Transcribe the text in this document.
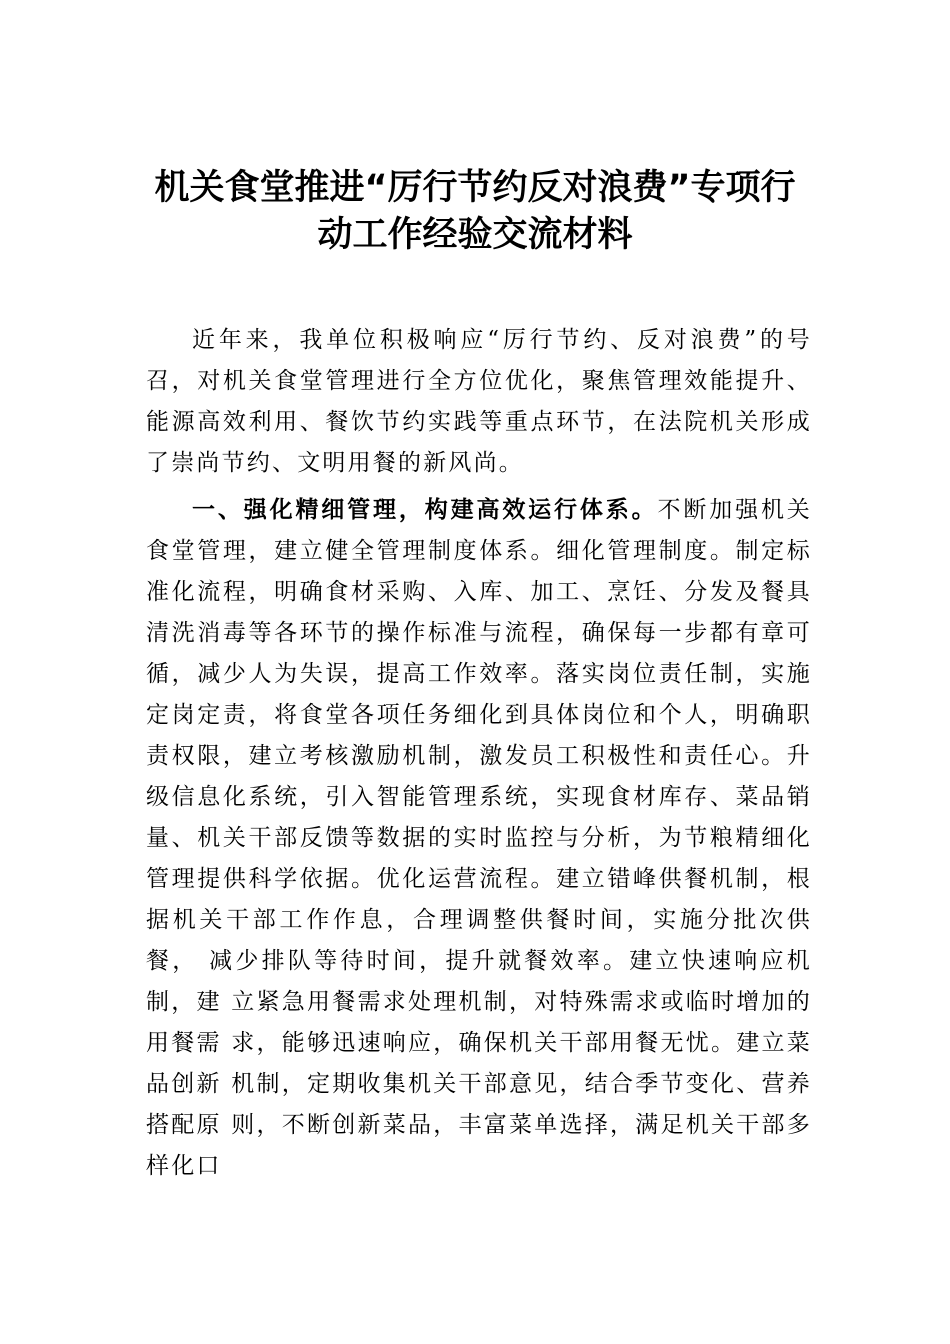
机关食堂推进“厉行节约反对浪费”专项行
动工作经验交流材料

近年来，我单位积极响应“厉行节约、反对浪费”的号召，对机关食堂管理进行全方位优化，聚焦管理效能提升、能源高效利用、餐饮节约实践等重点环节，在法院机关形成了崇尚节约、文明用餐的新风尚。

一、强化精细管理，构建高效运行体系。不断加强机关食堂管理，建立健全管理制度体系。细化管理制度。制定标准化流程，明确食材采购、入库、加工、烹饪、分发及餐具清洗消毒等各环节的操作标准与流程，确保每一步都有章可循，减少人为失误，提高工作效率。落实岗位责任制，实施定岗定责，将食堂各项任务细化到具体岗位和个人，明确职责权限，建立考核激励机制，激发员工积极性和责任心。升级信息化系统，引入智能管理系统，实现食材库存、菜品销量、机关干部反馈等数据的实时监控与分析，为节粮精细化管理提供科学依据。优化运营流程。建立错峰供餐机制，根据机关干部工作作息，合理调整供餐时间，实施分批次供餐， 减少排队等待时间，提升就餐效率。建立快速响应机制，建 立紧急用餐需求处理机制，对特殊需求或临时增加的用餐需 求，能够迅速响应，确保机关干部用餐无忧。建立菜品创新 机制，定期收集机关干部意见，结合季节变化、营养搭配原 则，不断创新菜品，丰富菜单选择，满足机关干部多样化口
